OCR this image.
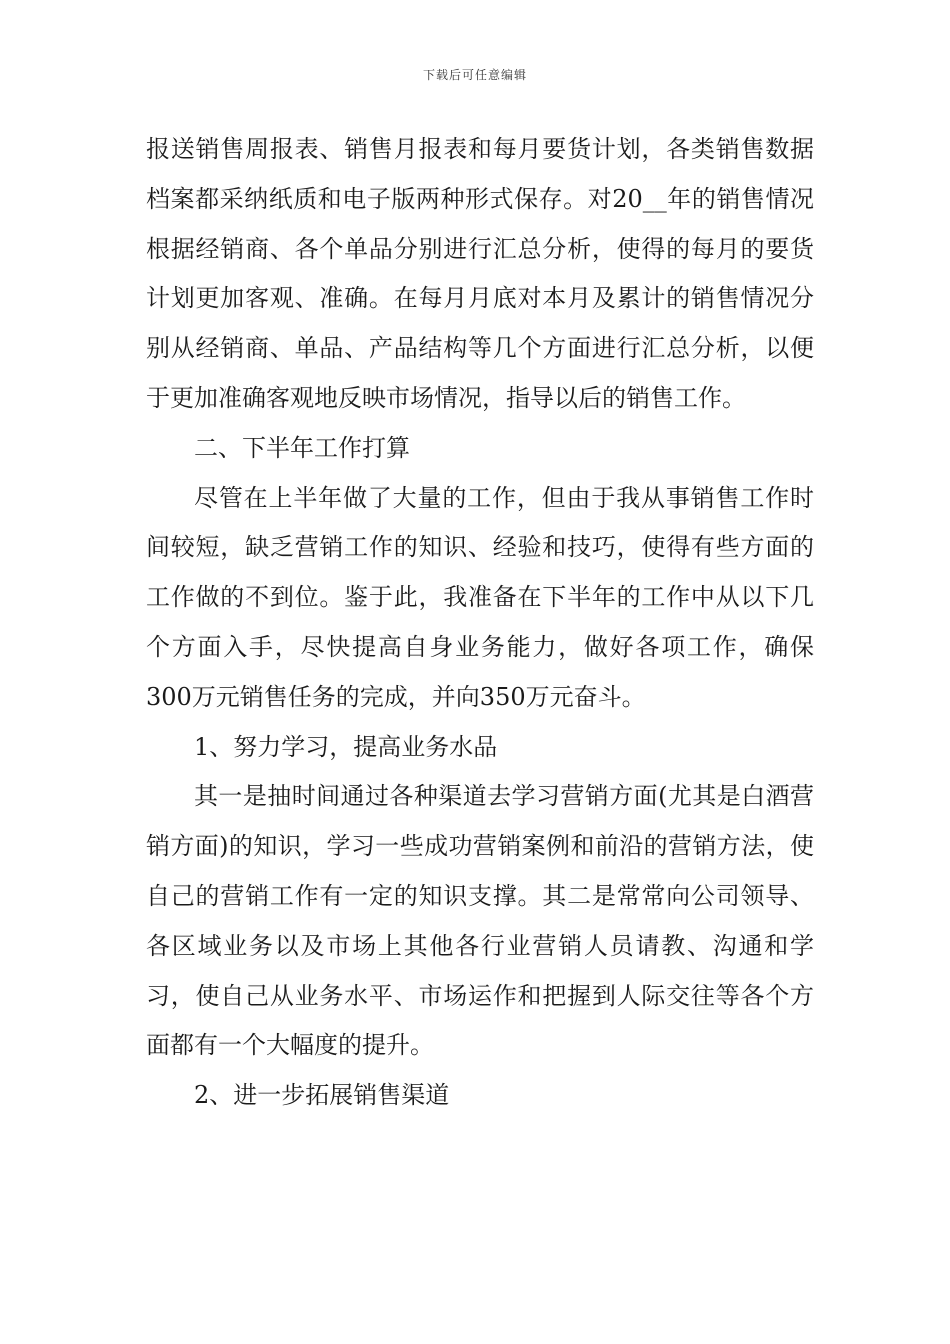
下载后可任意编辑

报送销售周报表、销售月报表和每月要货计划，各类销售数据档案都采纳纸质和电子版两种形式保存。对20__年的销售情况根据经销商、各个单品分别进行汇总分析，使得的每月的要货计划更加客观、准确。在每月月底对本月及累计的销售情况分别从经销商、单品、产品结构等几个方面进行汇总分析，以便于更加准确客观地反映市场情况，指导以后的销售工作。

二、下半年工作打算

尽管在上半年做了大量的工作，但由于我从事销售工作时间较短，缺乏营销工作的知识、经验和技巧，使得有些方面的工作做的不到位。鉴于此，我准备在下半年的工作中从以下几个方面入手，尽快提高自身业务能力，做好各项工作，确保300万元销售任务的完成，并向350万元奋斗。

1、努力学习，提高业务水品

其一是抽时间通过各种渠道去学习营销方面(尤其是白酒营销方面)的知识，学习一些成功营销案例和前沿的营销方法，使自己的营销工作有一定的知识支撑。其二是常常向公司领导、各区域业务以及市场上其他各行业营销人员请教、沟通和学习，使自己从业务水平、市场运作和把握到人际交往等各个方面都有一个大幅度的提升。

2、进一步拓展销售渠道
